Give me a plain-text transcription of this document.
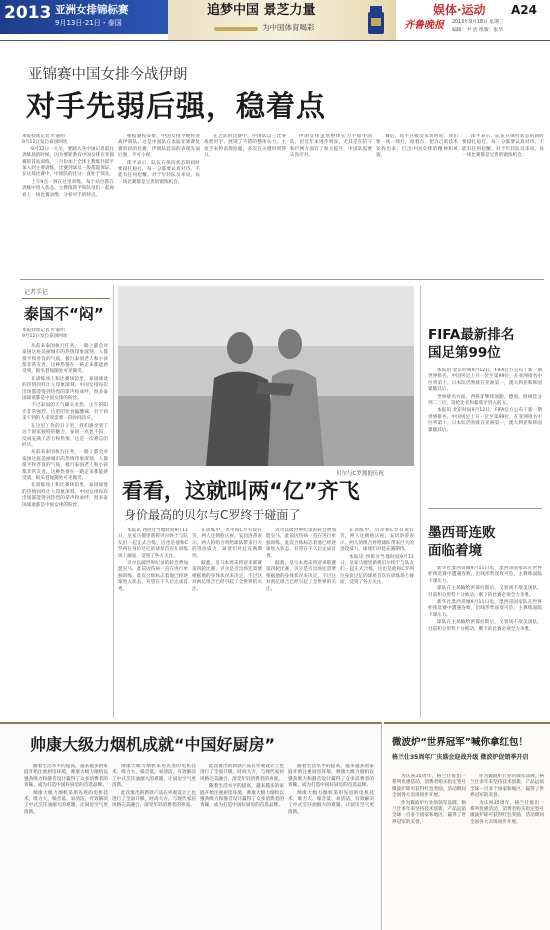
2013 亚洲女排锦标赛
9月13日-21日・泰国
追梦中国 景芝力量
为中国体育喝彩
娱体·运动 A24
齐鲁晚报 2013年9月18日 星期三
编辑：尹 浩 组版：张华
亚锦赛中国女排今战伊朗
对手先弱后强，稳着点
本报特派记者 叶嘉明
9月12日发自泰国呵叻

9月12日一大早，要踏入各中国记者前往训练场的时候，因为要轮番有中国女排在亚锦赛的首站训练，三月份加上全体主教练共郎平加入到主要训练，比赛到球员一般都能保证。在这场比赛中，中国队的比分一直处于领先。

上午9点一到在这里训练，每个站位都在训练中进入状态，主教练郎平和队员们一起观看上一场比赛录像，分析对手的特点。

根据赛程安排，中国女排今晚将迎战伊朗队。这是中国队在本届亚锦赛复赛阶段的比赛，伊朗队此前的表现先弱后强，不可小视。

郎平表示，队伍在保持状态的同时要稳扎稳打，每一分都要认真对待，不能有任何松懈。对于年轻队员来说，每一场比赛都是宝贵的锻炼机会。

在之前的比赛中，中国队以三比零战胜对手，展现了不错的整体实力。主攻手朱婷表现抢眼，多次在关键时刻得分。

伊朗女排虽然整体实力不如中国队，但近年来进步明显，尤其是在防守和拦网方面有了很大提升，中国队需要认真应对。

赛后，郎平在接受采访时说：我们要一场一场打，稳着点，把自己的技术发挥出来，打出中国女排的精神和风貌。

郎平表示，队伍在保持状态的同时要稳扎稳打，每一分都要认真对待，不能有任何松懈。对于年轻队员来说，每一场比赛都是宝贵的锻炼机会。

记者手记
泰国不“闷”
本报特派记者 叶嘉明
9月12日发自泰国呵叻

从前来泰国执行任务，一路上都会对泰国这座美丽城市的热情印象深刻，人都很平和善良的气质，极行泰国老人和小孩都非常友善。这种热情在一路走来都能感受到，街头巷尾随处可见微笑。

在训练场上和比赛场馆里，泰国球迷的热情同样让人印象深刻。中国女排每次出场都能得到热烈的掌声和欢呼，很多泰国球迷都是中国女排的粉丝。

不过泰国的天气确实炎热，正午的阳光非常强烈。这里的饮食偏酸辣，对于初来乍到的人来说需要一段时间适应。

在这里工作的日子里，我们感受到了这个国家独特的魅力，泰国一点也不闷，反而充满了活力和热情，这是一次难忘的经历。

从前来泰国执行任务，一路上都会对泰国这座美丽城市的热情印象深刻，人都很平和善良的气质，极行泰国老人和小孩都非常友善。这种热情在一路走来都能感受到，街头巷尾随处可见微笑。

在训练场上和比赛场馆里，泰国球迷的热情同样让人印象深刻。中国女排每次出场都能得到热烈的掌声和欢呼，很多泰国球迷都是中国女排的粉丝。

贝尔与C罗拥抱庆祝
FIFA最新排名
国足第99位

本报讯 北京时间9月12日，FIFA官方公布了新一期世界排名，中国男足上升一位至第99位，在亚洲排名中位列第十。日本队仍然排在亚洲第一，澳大利亚和韩国紧随其后。

世界排名方面，西班牙继续领跑，德国、阿根廷分列二三位，哥伦比亚和葡萄牙进入前五。

本报讯 北京时间9月12日，FIFA官方公布了新一期世界排名，中国男足上升一位至第99位，在亚洲排名中位列第十。日本队仍然排在亚洲第一，澳大利亚和韩国紧随其后。

墨西哥连败
面临着境

新华社墨西哥城9月11日电，墨西哥国家队在世界杯预选赛中遭遇连败，出线形势岌岌可危，主教练面临下课压力。

球队在主场输给洪都拉斯后，又客场不敌美国队，目前积分形势十分被动，剩下的比赛必须全力争胜。

新华社墨西哥城9月11日电，墨西哥国家队在世界杯预选赛中遭遇连败，出线形势岌岌可危，主教练面临下课压力。

球队在主场输给洪都拉斯后，又客场不敌美国队，目前积分形势十分被动，剩下的比赛必须全力争胜。

看看，这就叫两“亿”齐飞
身价最高的贝尔与C罗终于碰面了

本报讯 西班牙当地时间9月11日，皇家马德里新援贝尔终于与队友们一起正式合练，这也是他和C罗两位身价过亿的球星首次在训练场上碰面，受到了各方关注。

贝尔以破世界纪录的转会费加盟皇马，此前因伤病一直在进行单独训练。此次合练标志着他已经逐渐进入状态，有望在不久后完成首秀。

在训练中，贝尔和C罗有说有笑，两人还拥抱庆祝。安切洛蒂表示，两人的组合将给球队带来巨大的进攻威力，球迷们对此充满期待。

据悉，皇马本周末将迎来联赛第四轮比赛，贝尔是否出场还需要根据他的身体状况来决定，不过这对两亿组合已经引起了全世界的关注。

贝尔以破世界纪录的转会费加盟皇马，此前因伤病一直在进行单独训练。此次合练标志着他已经逐渐进入状态，有望在不久后完成首秀。

据悉，皇马本周末将迎来联赛第四轮比赛，贝尔是否出场还需要根据他的身体状况来决定，不过这对两亿组合已经引起了全世界的关注。

在训练中，贝尔和C罗有说有笑，两人还拥抱庆祝。安切洛蒂表示，两人的组合将给球队带来巨大的进攻威力，球迷们对此充满期待。

本报讯 西班牙当地时间9月11日，皇家马德里新援贝尔终于与队友们一起正式合练，这也是他和C罗两位身价过亿的球星首次在训练场上碰面，受到了各方关注。

帅康大级力烟机成就“中国好厨房”

随着生活水平的提高，越来越多的家庭开始注重厨房环境，帅康大级力烟机以强劲吸力和静音设计赢得了众多消费者的青睐，成为打造中国好厨房的首选品牌。

帅康大级力烟机采用先进的电机技术，吸力大、噪音低、易清洁，有效解决了中式烹饪油烟大的难题，让厨房空气更清新。

帅康大级力烟机采用先进的电机技术，吸力大、噪音低、易清洁，有效解决了中式烹饪油烟大的难题，让厨房空气更清新。

此次推出的新款产品在外观设计上也进行了全面升级，时尚大方，与现代家居风格完美融合，深受年轻消费者的喜爱。

此次推出的新款产品在外观设计上也进行了全面升级，时尚大方，与现代家居风格完美融合，深受年轻消费者的喜爱。

随着生活水平的提高，越来越多的家庭开始注重厨房环境，帅康大级力烟机以强劲吸力和静音设计赢得了众多消费者的青睐，成为打造中国好厨房的首选品牌。

随着生活水平的提高，越来越多的家庭开始注重厨房环境，帅康大级力烟机以强劲吸力和静音设计赢得了众多消费者的青睐，成为打造中国好厨房的首选品牌。

帅康大级力烟机采用先进的电机技术，吸力大、噪音低、易清洁，有效解决了中式烹饪油烟大的难题，让厨房空气更清新。

微波炉“世界冠军”喊你拿红包！
格兰仕35周年厂庆盛会迎战升级 微波炉促销季开启

为庆祝35周年，格兰仕推出一系列优惠活动，消费者购买指定型号微波炉即可获得红包奖励，活动期间全国各大卖场同步开展。

作为微波炉行业的领军品牌，格兰仕多年来坚持技术创新，产品远销全球一百多个国家和地区，赢得了世界冠军的美誉。

作为微波炉行业的领军品牌，格兰仕多年来坚持技术创新，产品远销全球一百多个国家和地区，赢得了世界冠军的美誉。

为庆祝35周年，格兰仕推出一系列优惠活动，消费者购买指定型号微波炉即可获得红包奖励，活动期间全国各大卖场同步开展。
